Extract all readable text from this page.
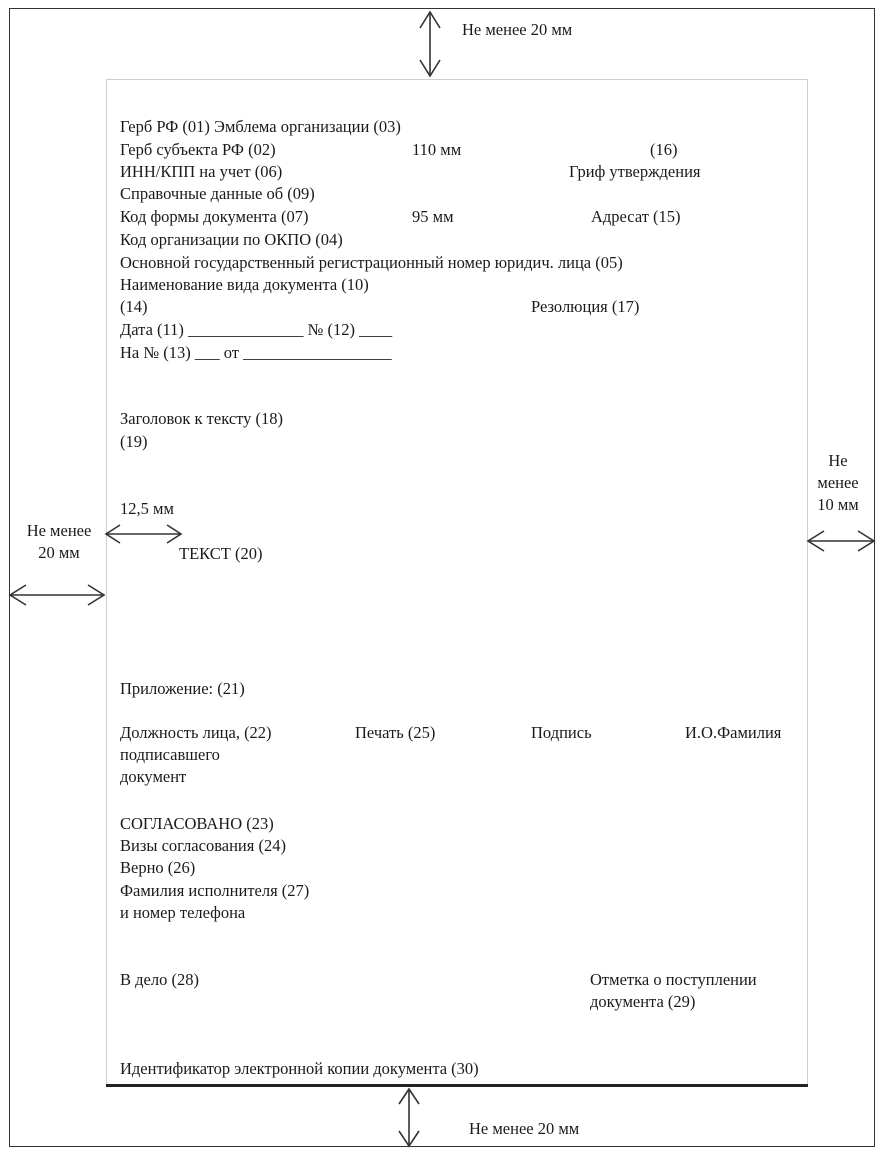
Не менее 20 мм
Не менее
20 мм
Не
менее
10 мм
Не менее 20 мм
Герб РФ (01) Эмблема организации (03)
Герб субъекта РФ (02)	110 мм	(16)
ИНН/КПП на учет (06)	Гриф утверждения
Справочные данные об (09)
Код формы документа (07)	95 мм	Адресат (15)
Код организации по ОКПО (04)
Основной государственный регистрационный номер юридич. лица (05)
Наименование вида документа (10)
(14)	Резолюция (17)
Дата (11) ______________ № (12) ____
На № (13) ___ от __________________
Заголовок к тексту (18)
(19)
12,5 мм
ТЕКСТ (20)
Приложение: (21)
Должность лица, (22)
подписавшего
документ
Печать (25)	Подпись	И.О.Фамилия
СОГЛАСОВАНО (23)
Визы согласования (24)
Верно (26)
Фамилия исполнителя (27)
и номер телефона
В дело (28)	Отметка о поступлении
документа (29)
Идентификатор электронной копии документа (30)
